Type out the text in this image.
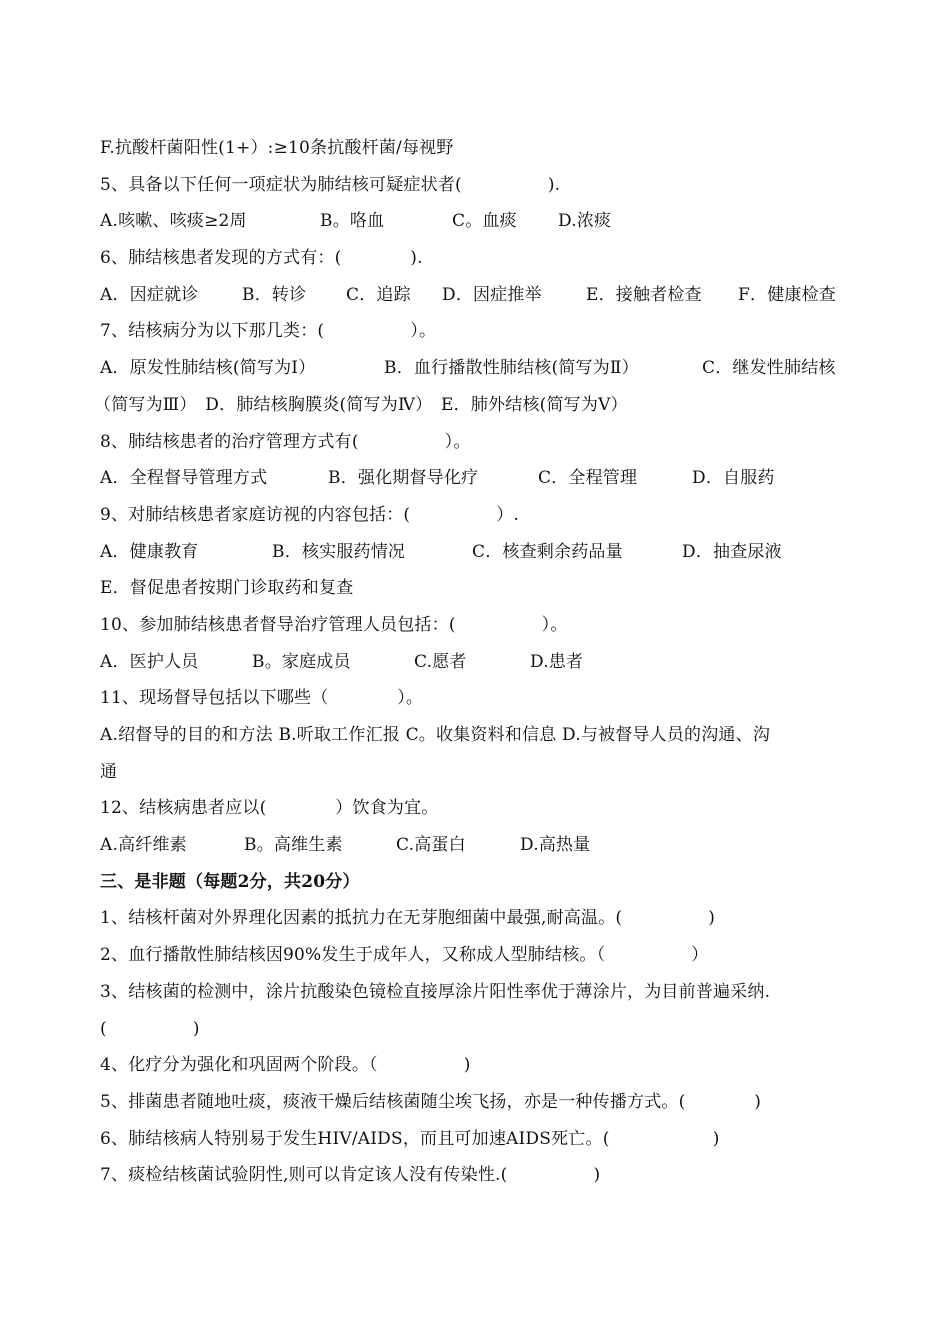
F.抗酸杆菌阳性(1+）:≥10条抗酸杆菌/每视野
5、具备以下任何一项症状为肺结核可疑症状者(　　　　　).
A.咳嗽、咳痰≥2周	B。咯血	C。血痰 D.浓痰
6、肺结核患者发现的方式有：(　　　　).
A．因症就诊	B．转诊 C．追踪 D．因症推举	E．接触者检查 F．健康检查
7、结核病分为以下那几类：(　　　　　）。
A．原发性肺结核(简写为Ⅰ）	B．血行播散性肺结核(简写为Ⅱ）	C．继发性肺结核
（简写为Ⅲ）　D．肺结核胸膜炎(简写为Ⅳ）　E．肺外结核(简写为Ⅴ）
8、肺结核患者的治疗管理方式有(　　　　　）。
A．全程督导管理方式	B．强化期督导化疗	C．全程管理	D．自服药
9、对肺结核患者家庭访视的内容包括：(　　　　　）.
A．健康教育	B．核实服药情况	C．核查剩余药品量	D．抽查尿液
E．督促患者按期门诊取药和复查
10、参加肺结核患者督导治疗管理人员包括：(　　　　　）。
A．医护人员	B。家庭成员	C.愿者	D.患者
11、现场督导包括以下哪些（　　　　）。
A.绍督导的目的和方法 B.听取工作汇报 C。收集资料和信息 D.与被督导人员的沟通、沟
通
12、结核病患者应以(　　　　）饮食为宜。
A.高纤维素	B。高维生素	C.高蛋白	D.高热量
三、是非题（每题2分，共20分）
1、结核杆菌对外界理化因素的抵抗力在无芽胞细菌中最强,耐高温。(　　　　　)
2、血行播散性肺结核因90%发生于成年人，又称成人型肺结核。（　　　　　）
3、结核菌的检测中，涂片抗酸染色镜检直接厚涂片阳性率优于薄涂片，为目前普遍采纳.
(　　　　　)
4、化疗分为强化和巩固两个阶段。（　　　　　)
5、排菌患者随地吐痰，痰液干燥后结核菌随尘埃飞扬，亦是一种传播方式。(　　　　)
6、肺结核病人特别易于发生HIV/AIDS，而且可加速AIDS死亡。(　　　　　　)
7、痰检结核菌试验阴性,则可以肯定该人没有传染性.(　　　　　)
